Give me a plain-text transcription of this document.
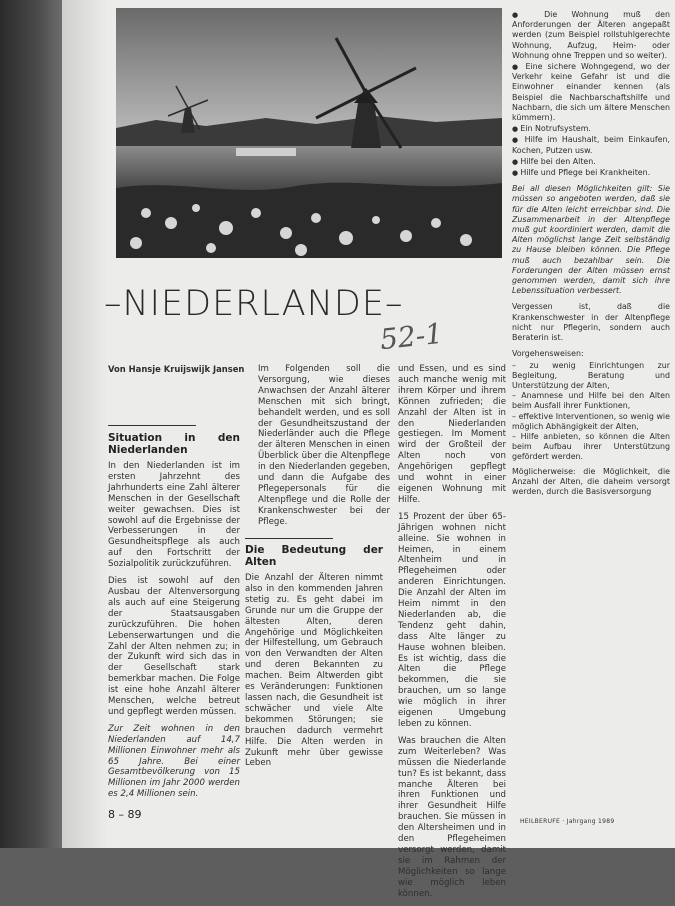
–NIEDERLANDE–
52-1
Von Hansje Kruijswijk Jansen
Situation in den Niederlanden

In den Niederlanden ist im ersten Jahrzehnt des Jahrhunderts eine Zahl älterer Menschen in der Gesellschaft weiter gewachsen. Dies ist sowohl auf die Ergebnisse der Verbesserungen in der Gesundheitspflege als auch auf den Fortschritt der Sozialpolitik zurückzuführen.

Dies ist sowohl auf den Ausbau der Altenversorgung als auch auf eine Steigerung der Staatsausgaben zurückzuführen. Die hohen Lebenserwartungen und die Zahl der Alten nehmen zu; in der Zukunft wird sich das in der Gesellschaft stark bemerkbar machen. Die Folge ist eine hohe Anzahl älterer Menschen, welche betreut und gepflegt werden müssen.

Zur Zeit wohnen in den Niederlanden auf 14,7 Millionen Einwohner mehr als 65 Jahre. Bei einer Gesamtbevölkerung von 15 Millionen im Jahr 2000 werden es 2,4 Millionen sein.

Im Folgenden soll die Versorgung, wie dieses Anwachsen der Anzahl älterer Menschen mit sich bringt, behandelt werden, und es soll der Gesundheitszustand der Niederländer auch die Pflege der älteren Menschen in einen Überblick über die Altenpflege in den Niederlanden gegeben, und dann die Aufgabe des Pflegepersonals für die Altenpflege und die Rolle der Krankenschwester bei der Pflege.

Die Bedeutung der Alten

Die Anzahl der Älteren nimmt also in den kommenden Jahren stetig zu. Es geht dabei im Grunde nur um die Gruppe der ältesten Alten, deren Angehörige und Möglichkeiten der Hilfestellung, um Gebrauch von den Verwandten der Alten und deren Bekannten zu machen. Beim Altwerden gibt es Veränderungen: Funktionen lassen nach, die Gesundheit ist schwächer und viele Alte bekommen Störungen; sie brauchen dadurch vermehrt Hilfe. Die Alten werden in Zukunft mehr über gewisse Leben

und Essen, und es sind auch manche wenig mit ihrem Körper und ihrem Können zufrieden; die Anzahl der Alten ist in den Niederlanden gestiegen. Im Moment wird der Großteil der Alten noch von Angehörigen gepflegt und wohnt in einer eigenen Wohnung mit Hilfe.

15 Prozent der über 65-Jährigen wohnen nicht alleine. Sie wohnen in Heimen, in einem Altenheim und in Pflegeheimen oder anderen Einrichtungen. Die Anzahl der Alten im Heim nimmt in den Niederlanden ab, die Tendenz geht dahin, dass Alte länger zu Hause wohnen bleiben. Es ist wichtig, dass die Alten die Pflege bekommen, die sie brauchen, um so lange wie möglich in ihrer eigenen Umgebung leben zu können.

Was brauchen die Alten zum Weiterleben? Was müssen die Niederlande tun? Es ist bekannt, dass manche Älteren bei ihren Funktionen und ihrer Gesundheit Hilfe brauchen. Sie müssen in den Altersheimen und in den Pflegeheimen versorgt werden, damit sie im Rahmen der Möglichkeiten so lange wie möglich leben können.

● Die Wohnung muß den Anforderungen der Älteren angepaßt werden (zum Beispiel rollstuhlgerechte Wohnung, Aufzug, Heim- oder Wohnung ohne Treppen und so weiter).
● Eine sichere Wohngegend, wo der Verkehr keine Gefahr ist und die Einwohner einander kennen (als Beispiel die Nachbarschaftshilfe und Nachbarn, die sich um ältere Menschen kümmern).
● Ein Notrufsystem.
● Hilfe im Haushalt, beim Einkaufen, Kochen, Putzen usw.
● Hilfe bei den Alten.
● Hilfe und Pflege bei Krankheiten.

Bei all diesen Möglichkeiten gilt: Sie müssen so angeboten werden, daß sie für die Alten leicht erreichbar sind. Die Zusammenarbeit in der Altenpflege muß gut koordiniert werden, damit die Alten möglichst lange Zeit selbständig zu Hause bleiben können. Die Pflege muß auch bezahlbar sein. Die Forderungen der Alten müssen ernst genommen werden, damit sich ihre Lebenssituation verbessert.

Vergessen ist, daß die Krankenschwester in der Altenpflege nicht nur Pflegerin, sondern auch Beraterin ist.

Vorgehensweisen:

– zu wenig Einrichtungen zur Begleitung, Beratung und Unterstützung der Alten,
– Anamnese und Hilfe bei den Alten beim Ausfall ihrer Funktionen,
– effektive Interventionen, so wenig wie möglich Abhängigkeit der Alten,
– Hilfe anbieten, so können die Alten beim Aufbau ihrer Unterstützung gefördert werden.

Möglicherweise: die Möglichkeit, die Anzahl der Alten, die daheim versorgt werden, durch die Basisversorgung

8 – 89
HEILBERUFE · Jahrgang 1989
